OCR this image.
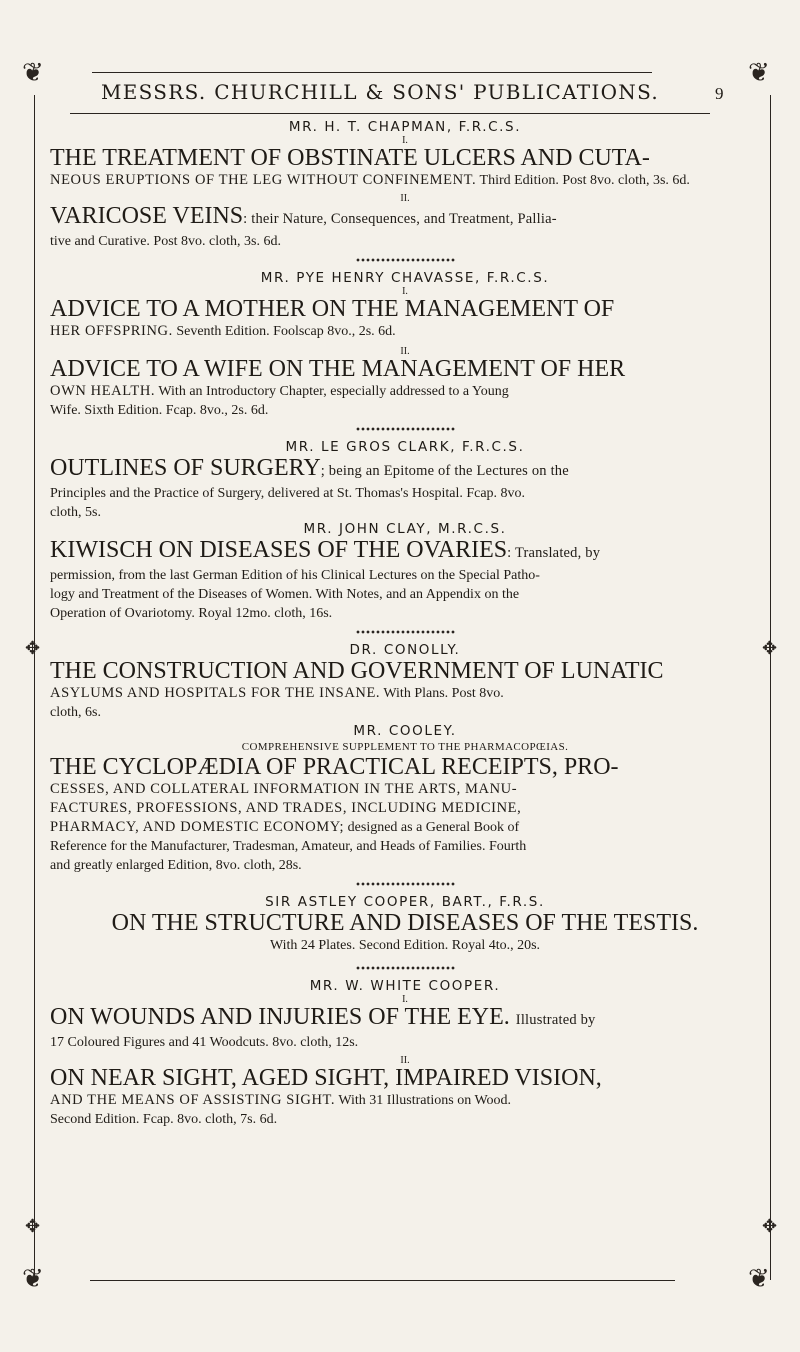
❦	❦
❦	❦
✥	✥
✥	✥
MESSRS. CHURCHILL & SONS' PUBLICATIONS.	9
MR. H. T. CHAPMAN, F.R.C.S.
I.
THE TREATMENT OF OBSTINATE ULCERS AND CUTA-
NEOUS ERUPTIONS OF THE LEG WITHOUT CONFINEMENT. Third Edition. Post 8vo. cloth, 3s. 6d.
II.
VARICOSE VEINS: their Nature, Consequences, and Treatment, Pallia-
tive and Curative. Post 8vo. cloth, 3s. 6d.
MR. PYE HENRY CHAVASSE, F.R.C.S.
I.
ADVICE TO A MOTHER ON THE MANAGEMENT OF
HER OFFSPRING. Seventh Edition. Foolscap 8vo., 2s. 6d.
II.
ADVICE TO A WIFE ON THE MANAGEMENT OF HER
OWN HEALTH. With an Introductory Chapter, especially addressed to a Young
Wife. Sixth Edition. Fcap. 8vo., 2s. 6d.
MR. LE GROS CLARK, F.R.C.S.
OUTLINES OF SURGERY; being an Epitome of the Lectures on the
Principles and the Practice of Surgery, delivered at St. Thomas's Hospital. Fcap. 8vo.
cloth, 5s.
MR. JOHN CLAY, M.R.C.S.
KIWISCH ON DISEASES OF THE OVARIES: Translated, by
permission, from the last German Edition of his Clinical Lectures on the Special Patho-
logy and Treatment of the Diseases of Women. With Notes, and an Appendix on the
Operation of Ovariotomy. Royal 12mo. cloth, 16s.
DR. CONOLLY.
THE CONSTRUCTION AND GOVERNMENT OF LUNATIC
ASYLUMS AND HOSPITALS FOR THE INSANE. With Plans. Post 8vo.
cloth, 6s.
MR. COOLEY.
COMPREHENSIVE SUPPLEMENT TO THE PHARMACOPŒIAS.
THE CYCLOPÆDIA OF PRACTICAL RECEIPTS, PRO-
CESSES, AND COLLATERAL INFORMATION IN THE ARTS, MANU-
FACTURES, PROFESSIONS, AND TRADES, INCLUDING MEDICINE,
PHARMACY, AND DOMESTIC ECONOMY; designed as a General Book of
Reference for the Manufacturer, Tradesman, Amateur, and Heads of Families. Fourth
and greatly enlarged Edition, 8vo. cloth, 28s.
SIR ASTLEY COOPER, BART., F.R.S.
ON THE STRUCTURE AND DISEASES OF THE TESTIS.
With 24 Plates. Second Edition. Royal 4to., 20s.
MR. W. WHITE COOPER.
I.
ON WOUNDS AND INJURIES OF THE EYE. Illustrated by
17 Coloured Figures and 41 Woodcuts. 8vo. cloth, 12s.
II.
ON NEAR SIGHT, AGED SIGHT, IMPAIRED VISION,
AND THE MEANS OF ASSISTING SIGHT. With 31 Illustrations on Wood.
Second Edition. Fcap. 8vo. cloth, 7s. 6d.
